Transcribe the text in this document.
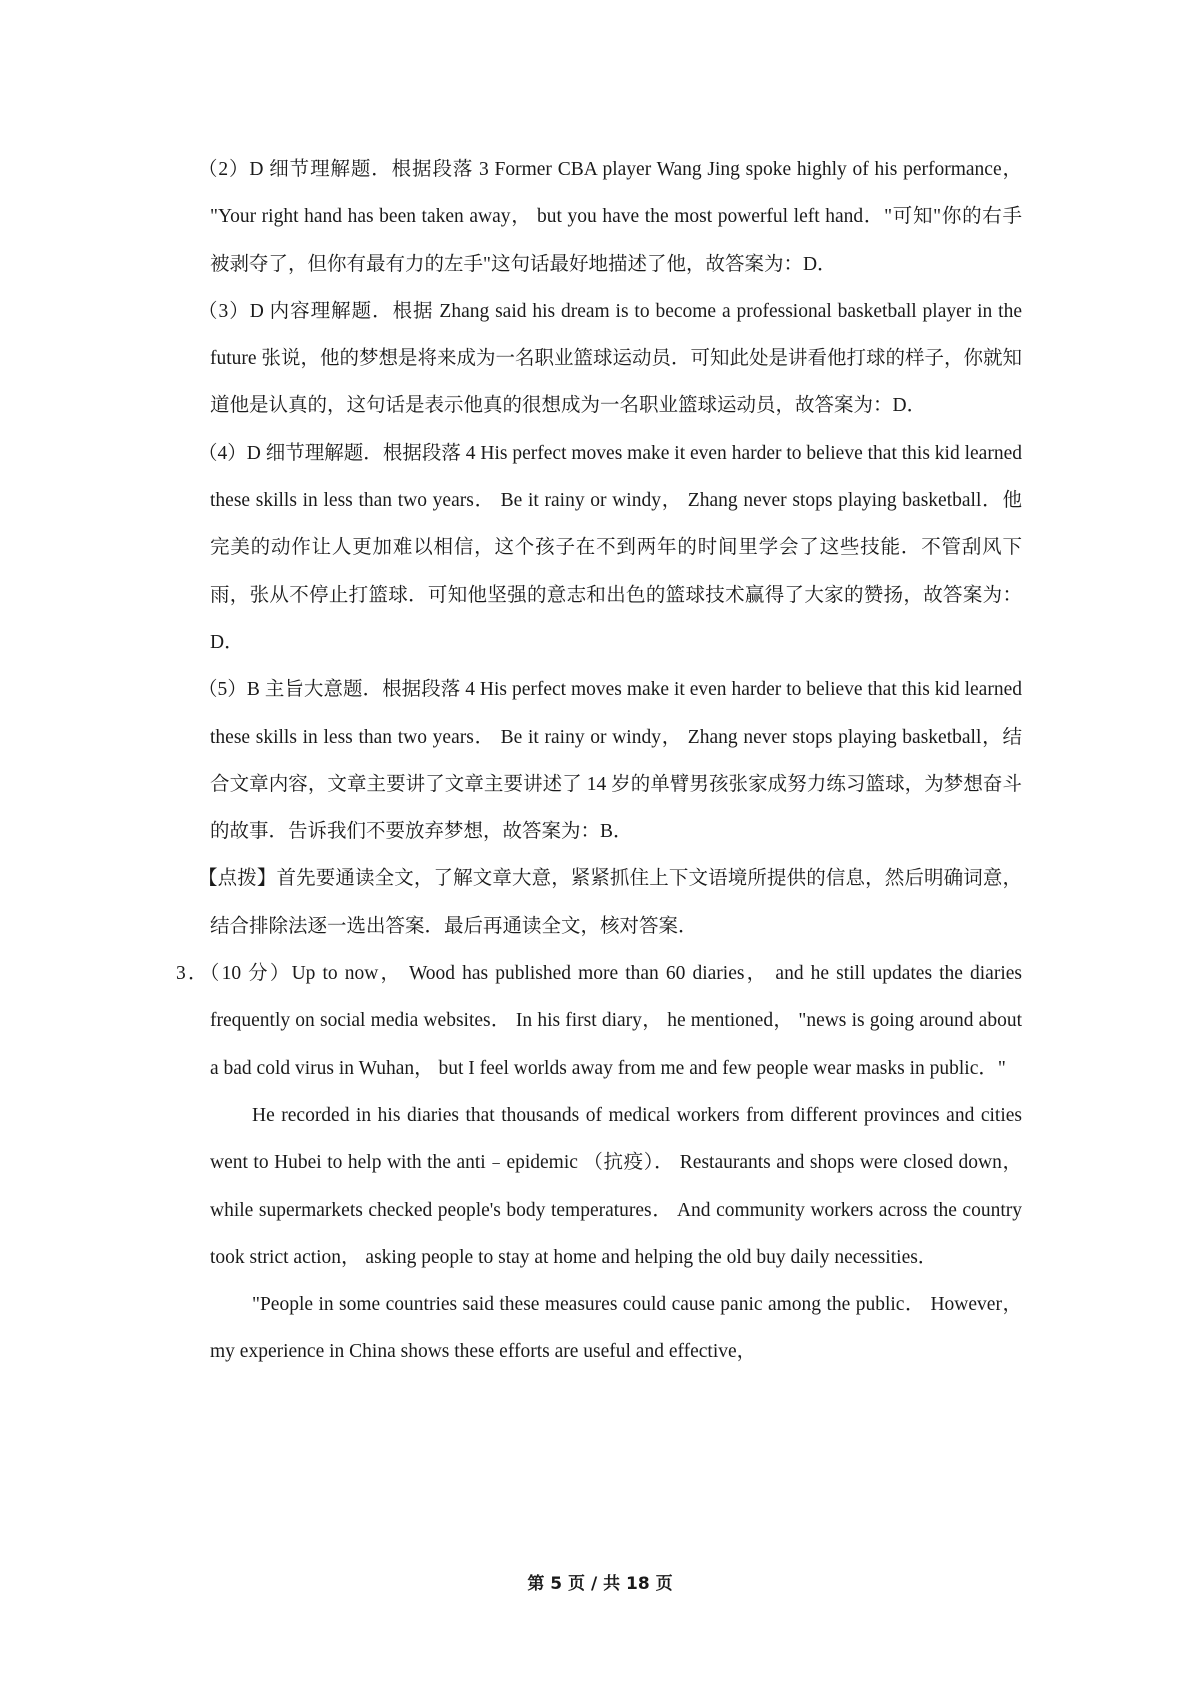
（2）D 细节理解题．根据段落 3 Former CBA player Wang Jing spoke highly of his performance， "Your right hand has been taken away， but you have the most powerful left hand．"可知"你的右手被剥夺了，但你有最有力的左手"这句话最好地描述了他，故答案为：D．

（3）D 内容理解题．根据 Zhang said his dream is to become a professional basketball player in the future 张说，他的梦想是将来成为一名职业篮球运动员．可知此处是讲看他打球的样子，你就知道他是认真的，这句话是表示他真的很想成为一名职业篮球运动员，故答案为：D．

（4）D 细节理解题．根据段落 4 His perfect moves make it even harder to believe that this kid learned these skills in less than two years． Be it rainy or windy， Zhang never stops playing basketball．他完美的动作让人更加难以相信，这个孩子在不到两年的时间里学会了这些技能．不管刮风下雨，张从不停止打篮球．可知他坚强的意志和出色的篮球技术赢得了大家的赞扬，故答案为：D．

（5）B 主旨大意题．根据段落 4 His perfect moves make it even harder to believe that this kid learned these skills in less than two years． Be it rainy or windy， Zhang never stops playing basketball，结合文章内容，文章主要讲了文章主要讲述了 14 岁的单臂男孩张家成努力练习篮球，为梦想奋斗的故事．告诉我们不要放弃梦想，故答案为：B．

【点拨】首先要通读全文，了解文章大意，紧紧抓住上下文语境所提供的信息，然后明确词意，结合排除法逐一选出答案．最后再通读全文，核对答案．

3．（10 分）Up to now， Wood has published more than 60 diaries， and he still updates the diaries frequently on social media websites． In his first diary， he mentioned， "news is going around about a bad cold virus in Wuhan， but I feel worlds away from me and few people wear masks in public．"

He recorded in his diaries that thousands of medical workers from different provinces and cities went to Hubei to help with the anti﹣epidemic （抗疫）． Restaurants and shops were closed down， while supermarkets checked people's body temperatures． And community workers across the country took strict action， asking people to stay at home and helping the old buy daily necessities．

"People in some countries said these measures could cause panic among the public． However， my experience in China shows these efforts are useful and effective，

第 5 页 / 共 18 页
